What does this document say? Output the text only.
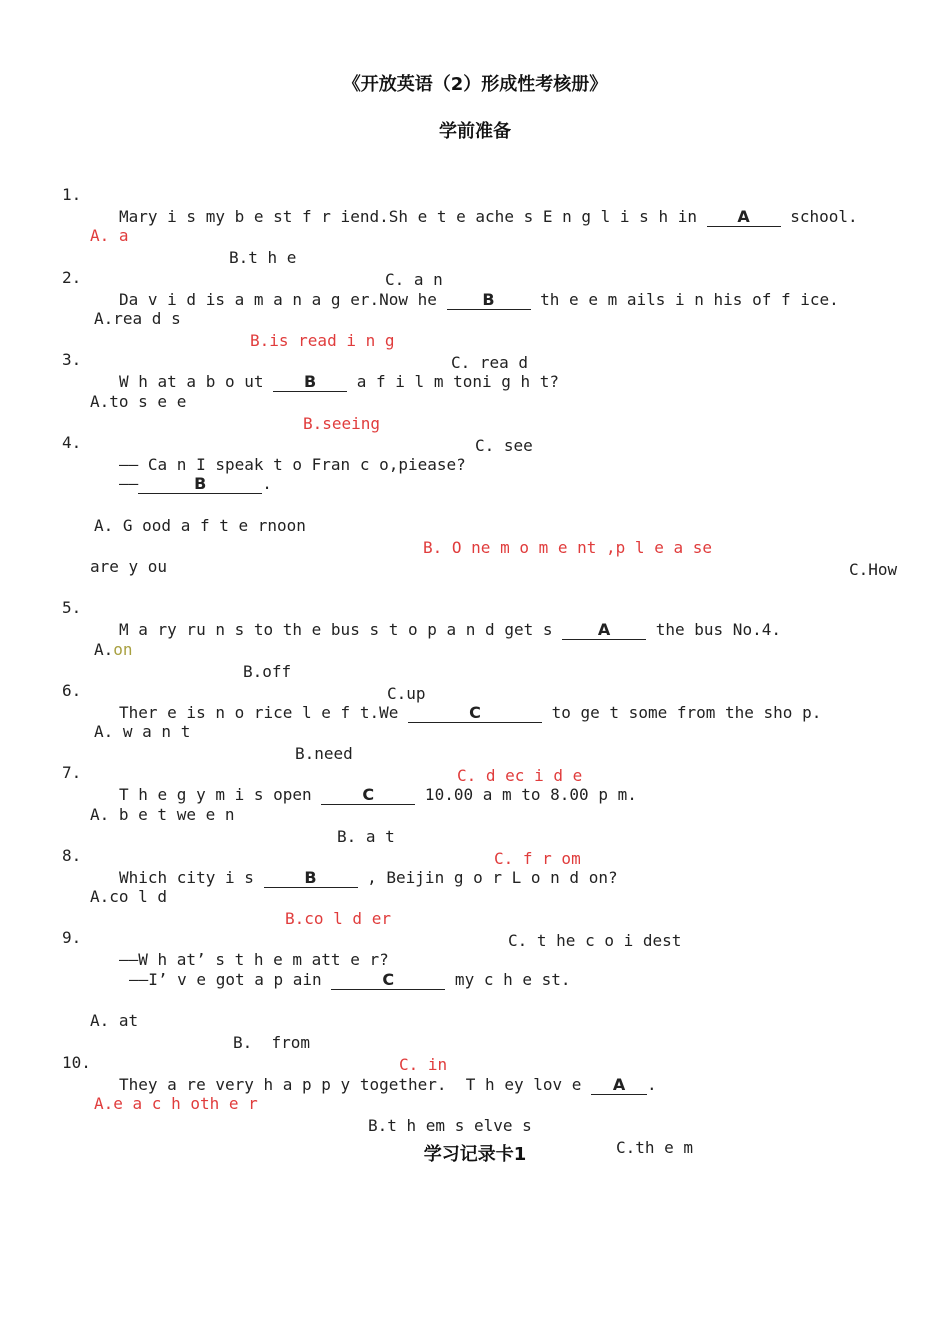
《开放英语（2）形成性考核册》
学前准备

1.

Mary i s my b e st f r iend.Sh e t e ache s E n g l i s h in A school.

A. a

B.t h e

C. a n

2.

Da v i d is a m a n a g er.Now he B th e e m ails i n his of f ice.

A.rea d s

B.is read i n g

C. rea d

3.

W h at a b o ut B a f i l m toni g h t?

A.to s e e

B.seeing

C. see

4.

—— Ca n I speak t o Fran c o,piease?

——	B	.

A. G ood a f t e rnoon

B. O ne m o m e nt ,p l e a se

C.How

are y ou

5.

M a ry ru n s to th e bus s t o p a n d get s A the bus No.4.

A.on

B.off

C.up

6.

Ther e is n o rice l e f t.We	C	to ge t some from the sho p.

A. w a n t

B.need

C. d ec i d e

7.

T h e g y m i s open	C	10.00 a m to 8.00 p m.

A. b e t we e n

B. a t

C. f r om

8.

Which city i s	B	, Beijin g o r L o n d on?

A.co l d

B.co l d er

C. t he c o i dest

9.

——W h at’ s t h e m att e r?

——I’ v e got a p ain	C	my c h e st.

A. at

B.  from

C. in

10.

They a re very h a p p y together.  T h ey lov e A .

A.e a c h oth e r

B.t h em s elve s

C.th e m

学习记录卡1
